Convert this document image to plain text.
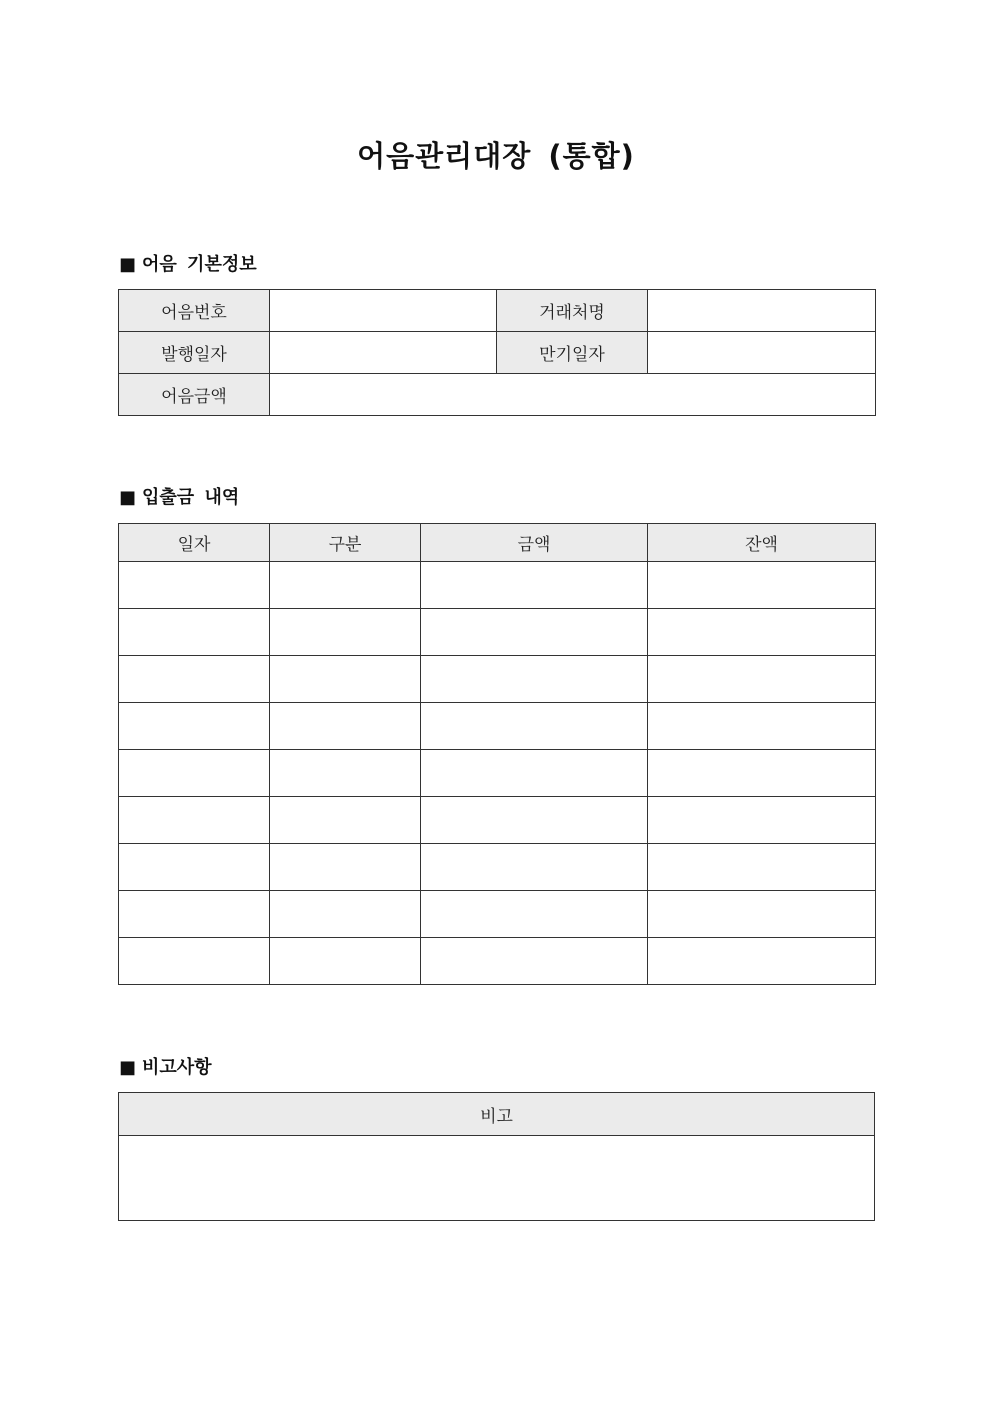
어음관리대장 (통합)
■ 어음 기본정보
어음번호		거래처명	
발행일자		만기일자	
어음금액			
■ 입출금 내역
일자	구분	금액	잔액

■ 비고사항
비고
